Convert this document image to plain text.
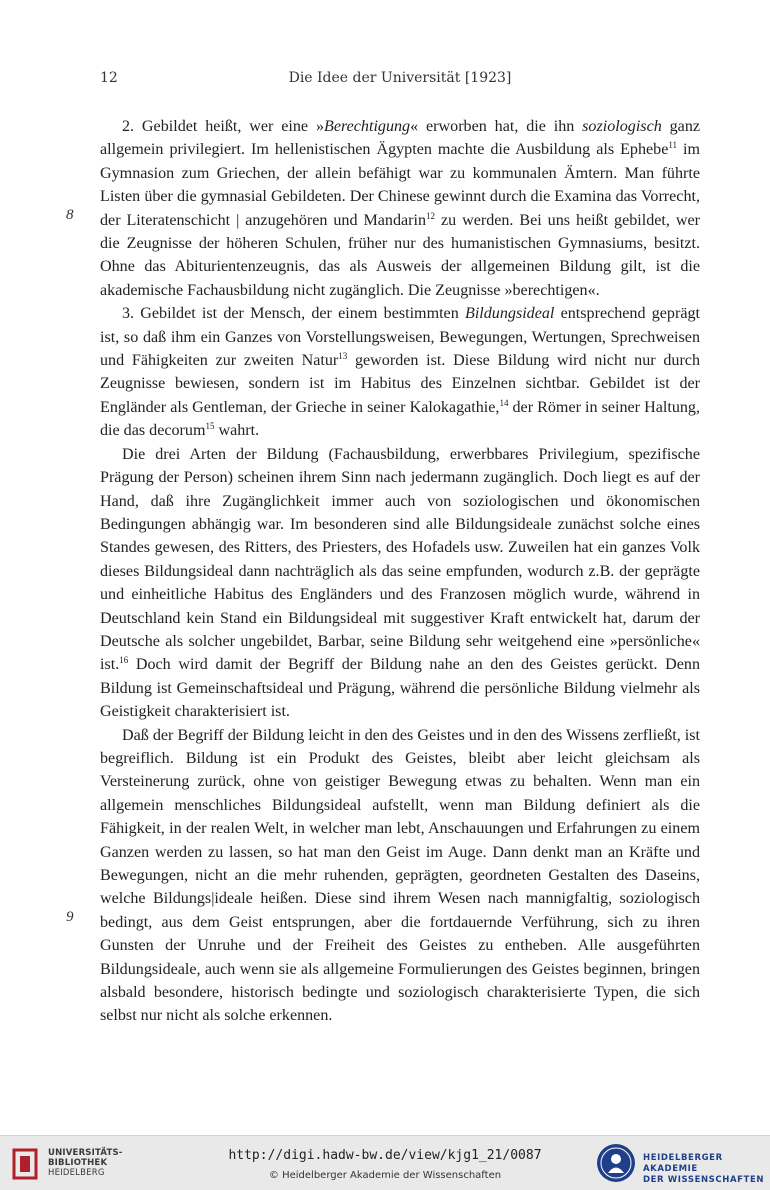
12	Die Idee der Universität [1923]
8
9

2. Gebildet heißt, wer eine »Berechtigung« erworben hat, die ihn soziologisch ganz allgemein privilegiert. Im hellenistischen Ägypten machte die Ausbildung als Ephebe$^{11}$ im Gymnasion zum Griechen, der allein befähigt war zu kommunalen Ämtern. Man führte Listen über die gymnasial Gebildeten. Der Chinese gewinnt durch die Examina das Vorrecht, der Literatenschicht | anzugehören und Mandarin$^{12}$ zu werden. Bei uns heißt gebildet, wer die Zeugnisse der höheren Schulen, früher nur des humanistischen Gymnasiums, besitzt. Ohne das Abiturientenzeugnis, das als Ausweis der allgemeinen Bildung gilt, ist die akademische Fachausbildung nicht zugänglich. Die Zeugnisse »berechtigen«.

3. Gebildet ist der Mensch, der einem bestimmten Bildungsideal entsprechend geprägt ist, so daß ihm ein Ganzes von Vorstellungsweisen, Bewegungen, Wertungen, Sprechweisen und Fähigkeiten zur zweiten Natur$^{13}$ geworden ist. Diese Bildung wird nicht nur durch Zeugnisse bewiesen, sondern ist im Habitus des Einzelnen sichtbar. Gebildet ist der Engländer als Gentleman, der Grieche in seiner Kalokagathie,$^{14}$ der Römer in seiner Haltung, die das decorum$^{15}$ wahrt.

Die drei Arten der Bildung (Fachausbildung, erwerbbares Privilegium, spezifische Prägung der Person) scheinen ihrem Sinn nach jedermann zugänglich. Doch liegt es auf der Hand, daß ihre Zugänglichkeit immer auch von soziologischen und ökonomischen Bedingungen abhängig war. Im besonderen sind alle Bildungsideale zunächst solche eines Standes gewesen, des Ritters, des Priesters, des Hofadels usw. Zuweilen hat ein ganzes Volk dieses Bildungsideal dann nachträglich als das seine empfunden, wodurch z.B. der geprägte und einheitliche Habitus des Engländers und des Franzosen möglich wurde, während in Deutschland kein Stand ein Bildungsideal mit suggestiver Kraft entwickelt hat, darum der Deutsche als solcher ungebildet, Barbar, seine Bildung sehr weitgehend eine »persönliche« ist.$^{16}$ Doch wird damit der Begriff der Bildung nahe an den des Geistes gerückt. Denn Bildung ist Gemeinschaftsideal und Prägung, während die persönliche Bildung vielmehr als Geistigkeit charakterisiert ist.

Daß der Begriff der Bildung leicht in den des Geistes und in den des Wissens zerfließt, ist begreiflich. Bildung ist ein Produkt des Geistes, bleibt aber leicht gleichsam als Versteinerung zurück, ohne von geistiger Bewegung etwas zu behalten. Wenn man ein allgemein menschliches Bildungsideal aufstellt, wenn man Bildung definiert als die Fähigkeit, in der realen Welt, in welcher man lebt, Anschauungen und Erfahrungen zu einem Ganzen werden zu lassen, so hat man den Geist im Auge. Dann denkt man an Kräfte und Bewegungen, nicht an die mehr ruhenden, geprägten, geordneten Gestalten des Daseins, welche Bildungs|ideale heißen. Diese sind ihrem Wesen nach mannigfaltig, soziologisch bedingt, aus dem Geist entsprungen, aber die fortdauernde Verführung, sich zu ihren Gunsten der Unruhe und der Freiheit des Geistes zu entheben. Alle ausgeführten Bildungsideale, auch wenn sie als allgemeine Formulierungen des Geistes beginnen, bringen alsbald besondere, historisch bedingte und soziologisch charakterisierte Typen, die sich selbst nur nicht als solche erkennen.

UNIVERSITÄTS-
BIBLIOTHEK
HEIDELBERG
http://digi.hadw-bw.de/view/kjg1_21/0087
© Heidelberger Akademie der Wissenschaften
HEIDELBERGER AKADEMIE
DER WISSENSCHAFTEN
